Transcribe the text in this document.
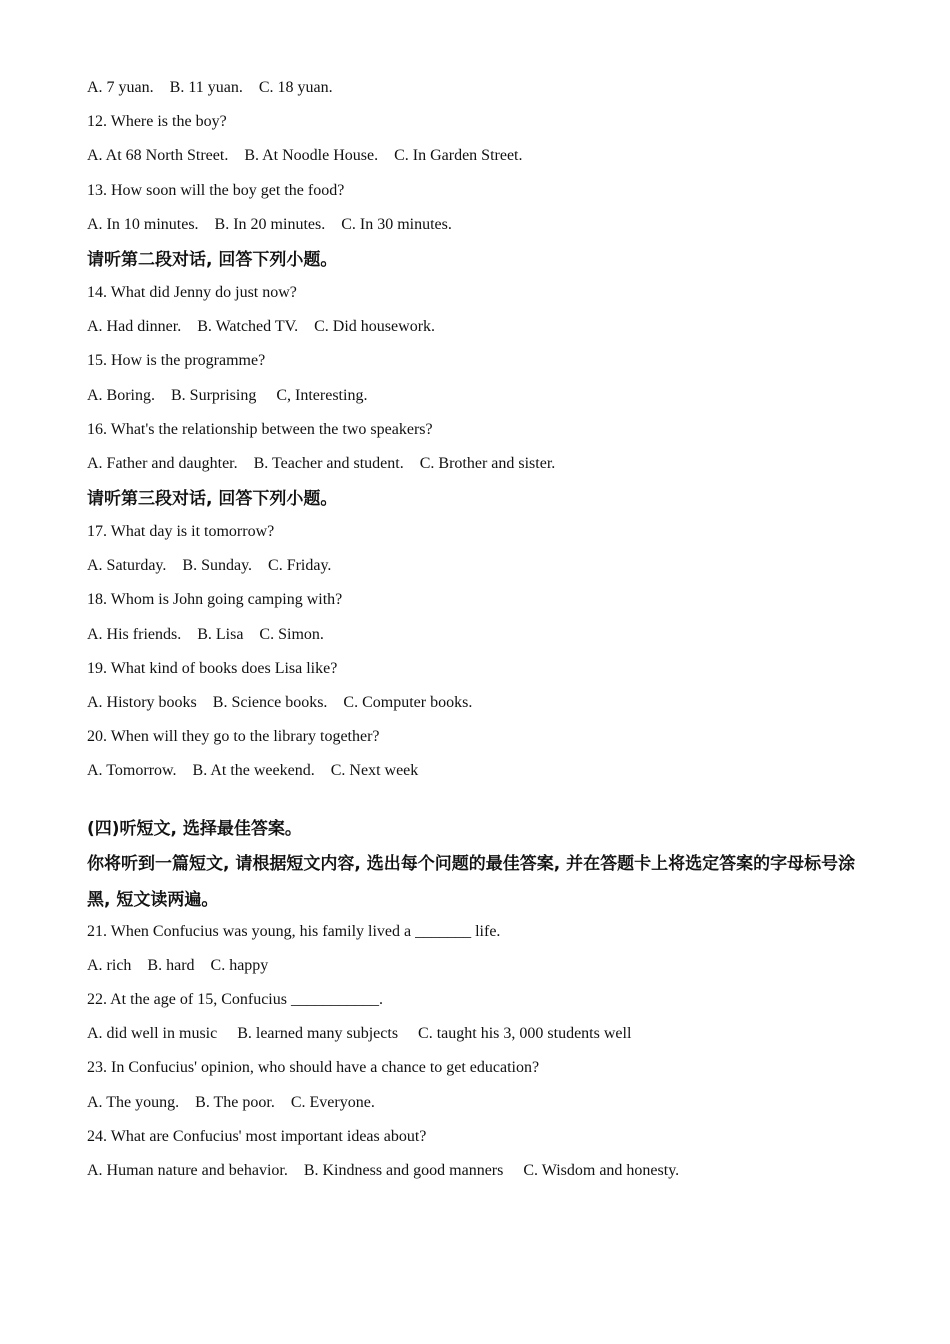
A. 7 yuan.    B. 11 yuan.    C. 18 yuan.
12. Where is the boy?
A. At 68 North Street.    B. At Noodle House.    C. In Garden Street.
13. How soon will the boy get the food?
A. In 10 minutes.    B. In 20 minutes.    C. In 30 minutes.
请听第二段对话, 回答下列小题。
14. What did Jenny do just now?
A. Had dinner.    B. Watched TV.    C. Did housework.
15. How is the programme?
A. Boring.    B. Surprising     C, Interesting.
16. What's the relationship between the two speakers?
A. Father and daughter.    B. Teacher and student.    C. Brother and sister.
请听第三段对话, 回答下列小题。
17. What day is it tomorrow?
A. Saturday.    B. Sunday.    C. Friday.
18. Whom is John going camping with?
A. His friends.    B. Lisa    C. Simon.
19. What kind of books does Lisa like?
A. History books    B. Science books.    C. Computer books.
20. When will they go to the library together?
A. Tomorrow.    B. At the weekend.    C. Next week
(四)听短文, 选择最佳答案。
你将听到一篇短文, 请根据短文内容, 选出每个问题的最佳答案, 并在答题卡上将选定答案的字母标号涂黑, 短文读两遍。
21. When Confucius was young, his family lived a _______ life.
A. rich    B. hard    C. happy
22. At the age of 15, Confucius ___________.
A. did well in music     B. learned many subjects     C. taught his 3, 000 students well
23. In Confucius' opinion, who should have a chance to get education?
A. The young.    B. The poor.    C. Everyone.
24. What are Confucius' most important ideas about?
A. Human nature and behavior.    B. Kindness and good manners     C. Wisdom and honesty.
